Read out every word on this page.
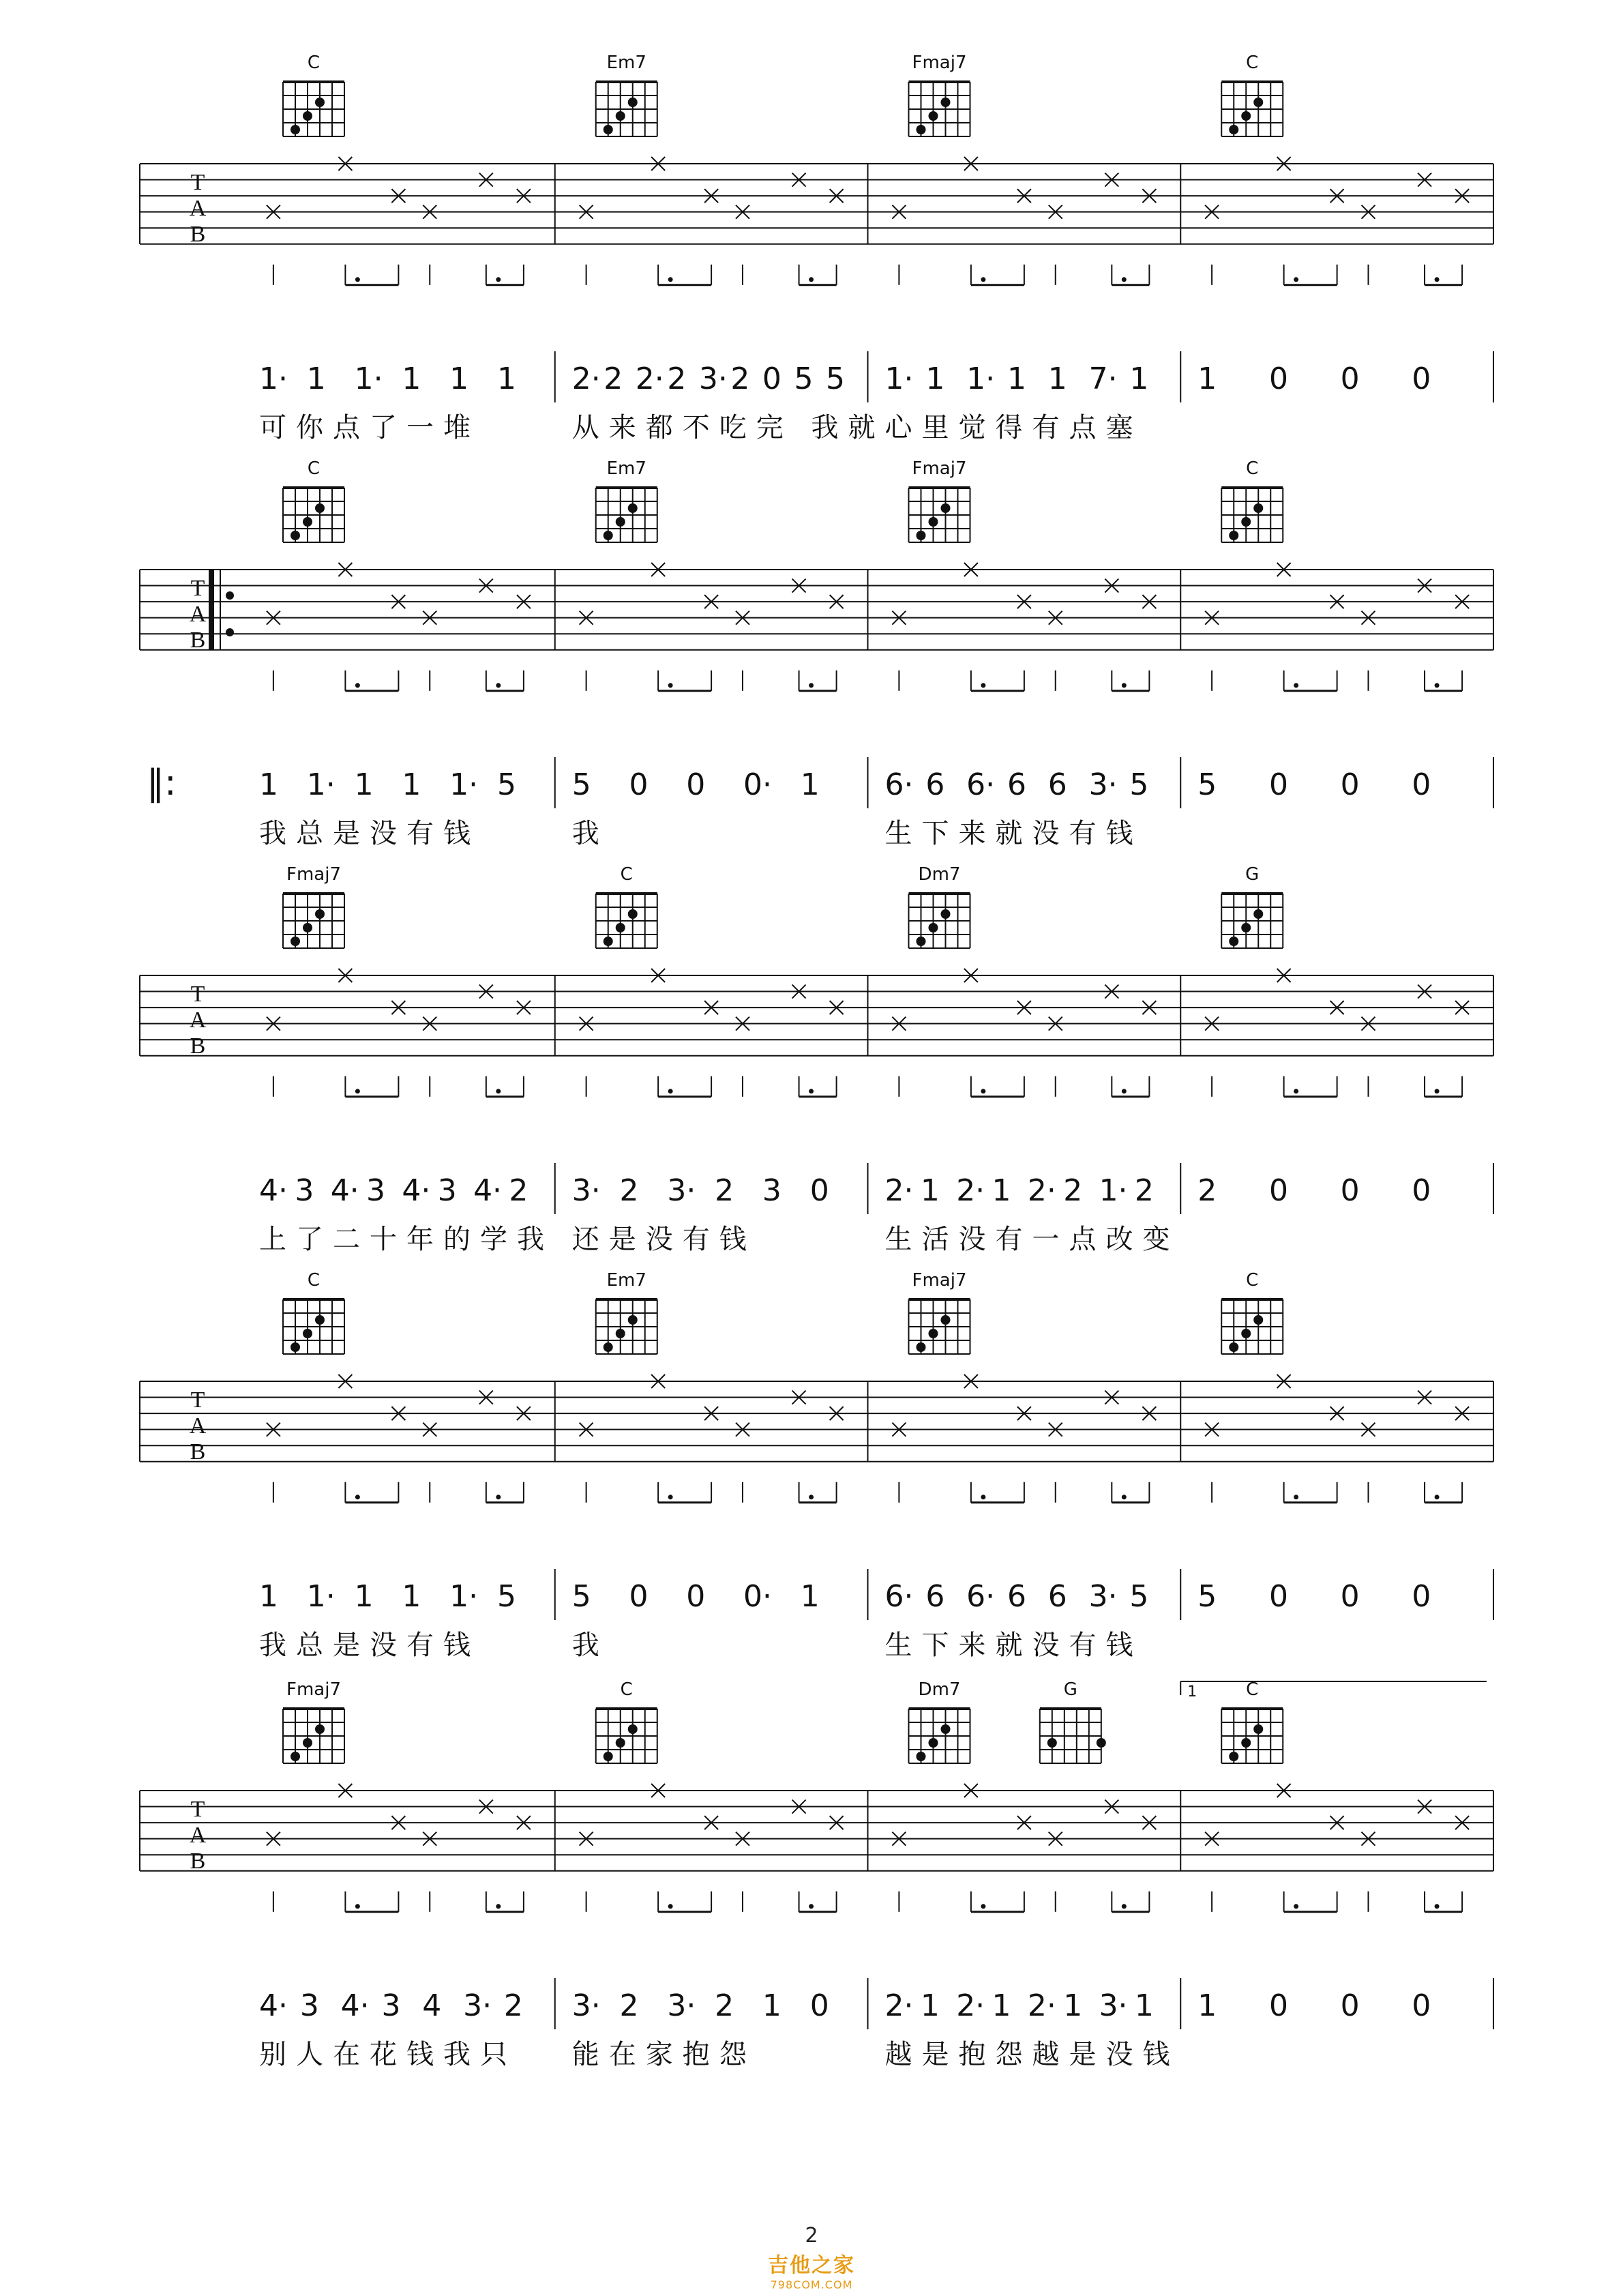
T
A
B
C
1· 1 1· 1 1 1
可你点了一堆
Em7
2· 2 2· 2 3· 2 0 5 5
从来都不吃完 我就
Fmaj7
1· 1 1· 1 1 7· 1
心里觉得有点塞
C
1 0 0 0
T
A
B
‖:
C
1 1· 1 1 1· 5
我总是没有钱
Em7
5 0 0 0· 1
我
Fmaj7
6· 6 6· 6 6 3· 5
生下来就没有钱
C
5 0 0 0
T
A
B
Fmaj7
4· 3 4· 3 4· 3 4· 2
上了二十年的学我
C
3· 2 3· 2 3 0
还是没有钱
Dm7
2· 1 2· 1 2· 2 1· 2
生活没有一点改变
G
2 0 0 0
T
A
B
C
1 1· 1 1 1· 5
我总是没有钱
Em7
5 0 0 0· 1
我
Fmaj7
6· 6 6· 6 6 3· 5
生下来就没有钱
C
5 0 0 0
T
A
B
Fmaj7
4· 3 4· 3 4 3· 2
别人在花钱我只
C
3· 2 3· 2 1 0
能在家抱怨
Dm7	G
2· 1 2· 1 2· 1 3· 1
越是抱怨越是没钱
C
1 0 0 0
1
2
吉他之家
798COM.COM
